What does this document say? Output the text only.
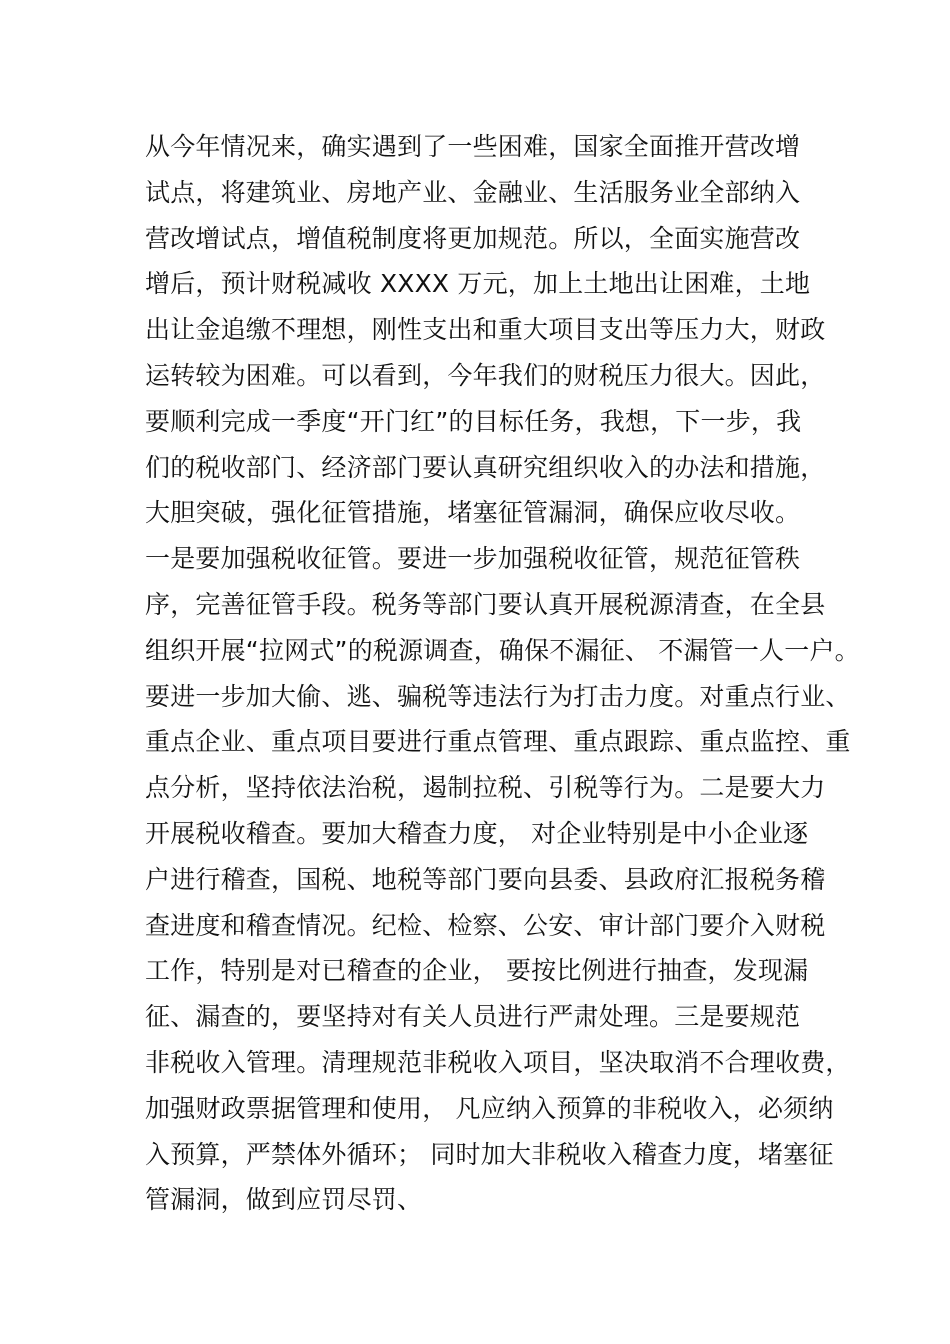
从今年情况来，确实遇到了一些困难，国家全面推开营改增
试点，将建筑业、房地产业、金融业、生活服务业全部纳入
营改增试点，增值税制度将更加规范。所以，全面实施营改
增后，预计财税减收 XXXX 万元，加上土地出让困难，土地
出让金追缴不理想，刚性支出和重大项目支出等压力大，财政
运转较为困难。可以看到，今年我们的财税压力很大。因此，
要顺利完成一季度“开门红”的目标任务，我想，下一步，我
们的税收部门、经济部门要认真研究组织收入的办法和措施，
大胆突破，强化征管措施，堵塞征管漏洞，确保应收尽收。
一是要加强税收征管。要进一步加强税收征管，规范征管秩
序，完善征管手段。税务等部门要认真开展税源清查，在全县
组织开展“拉网式”的税源调查，确保不漏征、 不漏管一人一户。
要进一步加大偷、逃、骗税等违法行为打击力度。对重点行业、
重点企业、重点项目要进行重点管理、重点跟踪、重点监控、重
点分析，坚持依法治税，遏制拉税、引税等行为。二是要大力
开展税收稽查。要加大稽查力度， 对企业特别是中小企业逐
户进行稽查，国税、地税等部门要向县委、县政府汇报税务稽
查进度和稽查情况。纪检、检察、公安、审计部门要介入财税
工作，特别是对已稽查的企业， 要按比例进行抽查，发现漏
征、漏查的，要坚持对有关人员进行严肃处理。三是要规范
非税收入管理。清理规范非税收入项目，坚决取消不合理收费，
加强财政票据管理和使用， 凡应纳入预算的非税收入，必须纳
入预算，严禁体外循环； 同时加大非税收入稽查力度，堵塞征
管漏洞，做到应罚尽罚、
